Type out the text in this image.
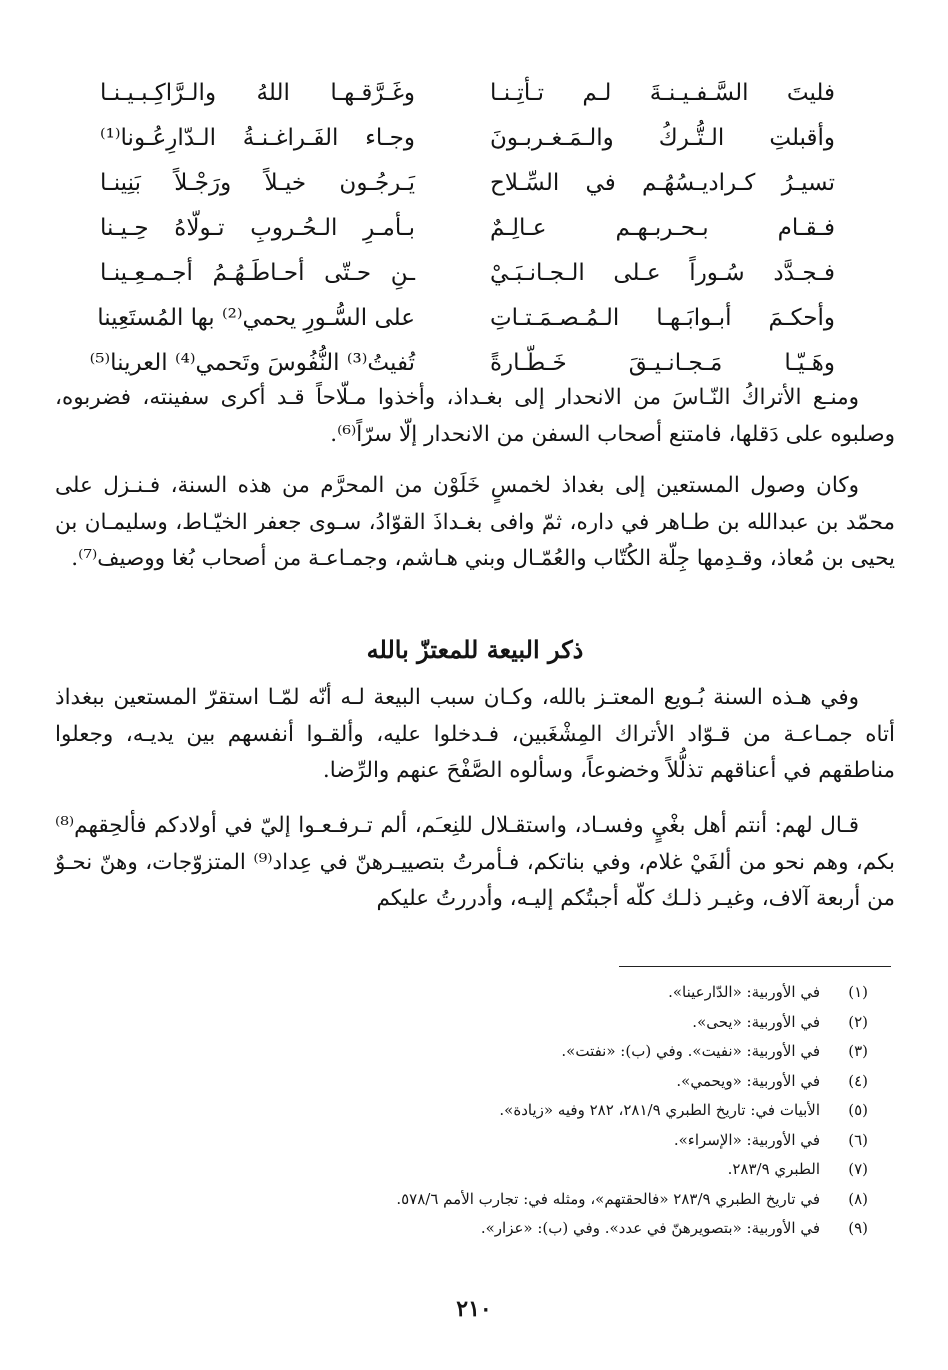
فليتَ السَّـفـيـنـةَ لـم تـأتِـنـا
وغَـرَّقـهـا اللهُ والـرَّاكِـبـيـنـا
وأقبلتِ الـتُّـركُ والـمَـغـربـونَ
وجـاء الفَـراغـنـةُ الـدّارِعُـونا⁽¹⁾
تسيـرُ كـراديـسُهُـم في السِّـلاح
يَـرجُـون خيـلاً ورَجْـلاً بَنِينـا
فـقـام بـحـربـهـم عـالِـمٌ
بـأمـرِ الـحُـروبِ تـولّاهُ حِـيـنا
فـجـدَّد سُـوراً عـلى الـجـانـبَـيْ
ـنِ حـتّى أحـاطَـهُـمُ أجـمـعِـينـا
وأحكـمَ أبـوابَـهـا الـمُـصـمَـتـاتِ
على السُّـورِ يحمي⁽²⁾ بها المُستَعِينا
وهَـيّـا مَـجـانـيـقَ خَـطّـارةً
تُفيتُ⁽³⁾ النُّفُوسَ وتَحمي⁽⁴⁾ العرينا⁽⁵⁾

ومنـع الأتراكُ النّـاسَ من الانحدار إلى بغـداذ، وأخذوا مـلّاحاً قـد أكرى سفينته، فضربوه، وصلبوه على دَقلها، فامتنع أصحاب السفن من الانحدار إلّا سرّاً⁽⁶⁾.

وكان وصول المستعين إلى بغداذ لخمسٍ خَلَوْن من المحرَّم من هذه السنة، فـنـزل على محمّد بن عبدالله بن طـاهر في داره، ثمّ وافى بغـداذَ القوّادُ، سـوى جعفر الخيّـاط، وسليمـان بن يحيى بن مُعاذ، وقـدِمها جِلّة الكُتّاب والعُمّـال وبني هـاشم، وجمـاعـة من أصحاب بُغا ووصيف⁽⁷⁾.

ذكر البيعة للمعتزّ بالله

وفي هـذه السنة بُـويع المعتـز بالله، وكـان سبب البيعة لـه أنّه لمّـا استقرّ المستعين ببغداذ أتاه جمـاعـة من قـوّاد الأتراك المِشْغَبين، فـدخلوا عليه، وألقـوا أنفسهم بين يديـه، وجعلوا مناطقهم في أعناقهم تذلُّلاً وخضوعاً، وسألوه الصَّفْحَ عنهم والرِّضا.

قـال لهم: أنتم أهل بغْيٍ وفسـاد، واستقـلال للنِعـَم، ألم تـرفـعـوا إليّ في أولادكم فألحِقهم⁽⁸⁾ بكم، وهم نحو من ألفَيْ غلام، وفي بناتكم، فـأمرتُ بتصييـرهنّ في عِداد⁽⁹⁾ المتزوّجات، وهنّ نحـوٌ من أربعة آلاف، وغيـر ذلـك كلّه أجبتُكم إليـه، وأدررتُ عليكم

(١)
في الأوربية: «الدّارعينا».
(٢)
في الأوربية: «يحى».
(٣)
في الأوربية: «نفيت». وفي (ب): «نفتت».
(٤)
في الأوربية: «ويحمي».
(٥)
الأبيات في: تاريخ الطبري ٢٨١/٩، ٢٨٢ وفيه «زيادة».
(٦)
في الأوربية: «الإسراء».
(٧)
الطبري ٢٨٣/٩.
(٨)
في تاريخ الطبري ٢٨٣/٩ «فالحقتهم»، ومثله في: تجارب الأمم ٥٧٨/٦.
(٩)
في الأوربية: «بتصويرهنّ في عدد». وفي (ب): «عزار».
٢١٠
